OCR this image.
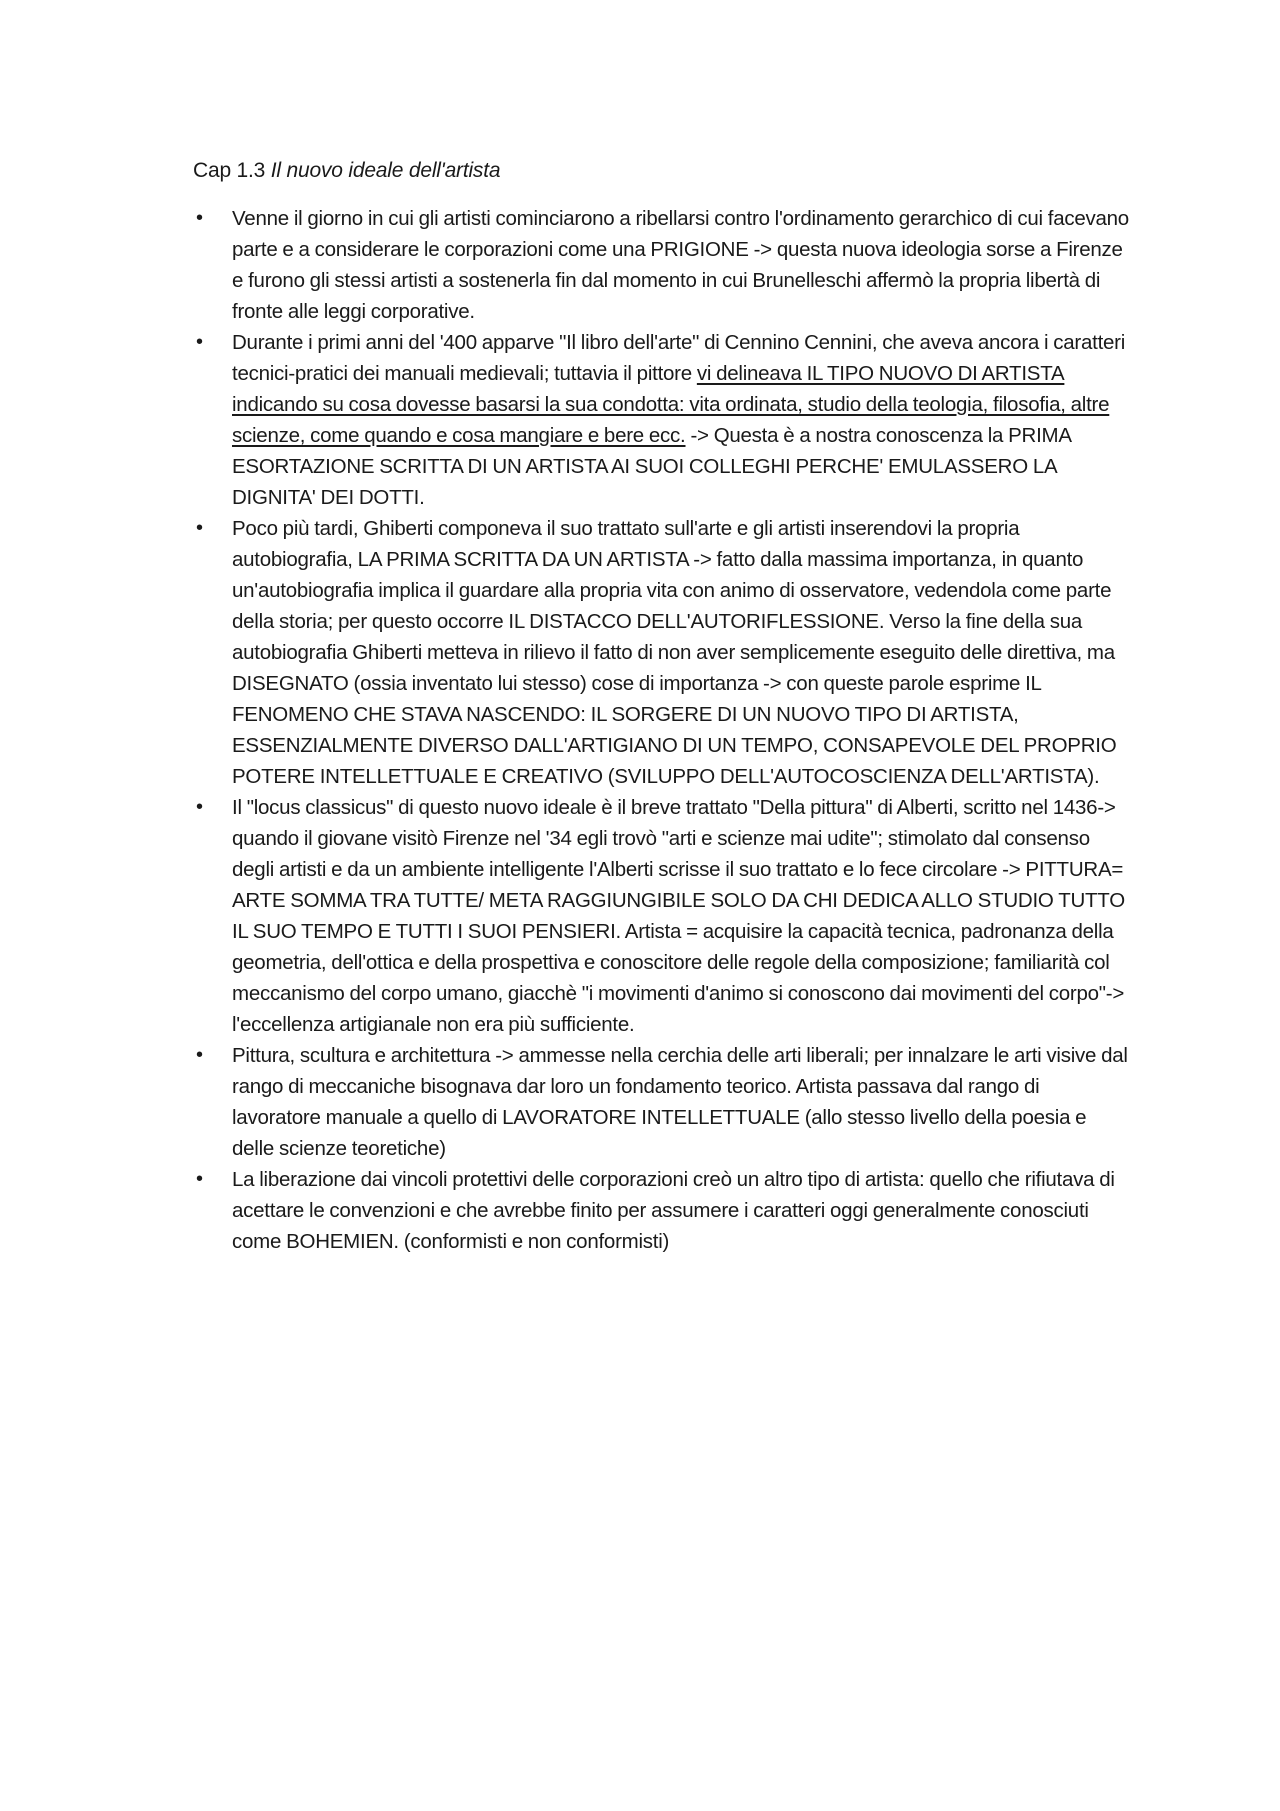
Cap 1.3 Il nuovo ideale dell'artista
• Venne il giorno in cui gli artisti cominciarono a ribellarsi contro l'ordinamento gerarchico di cui facevano parte e a considerare le corporazioni come una PRIGIONE -> questa nuova ideologia sorse a Firenze e furono gli stessi artisti a sostenerla fin dal momento in cui Brunelleschi affermò la propria libertà di fronte alle leggi corporative.
• Durante i primi anni del '400 apparve "Il libro dell'arte" di Cennino Cennini, che aveva ancora i caratteri tecnici-pratici dei manuali medievali; tuttavia il pittore vi delineava IL TIPO NUOVO DI ARTISTA indicando su cosa dovesse basarsi la sua condotta: vita ordinata, studio della teologia, filosofia, altre scienze, come quando e cosa mangiare e bere ecc. -> Questa è a nostra conoscenza la PRIMA ESORTAZIONE SCRITTA DI UN ARTISTA AI SUOI COLLEGHI PERCHE' EMULASSERO LA DIGNITA' DEI DOTTI.
• Poco più tardi, Ghiberti componeva il suo trattato sull'arte e gli artisti inserendovi la propria autobiografia, LA PRIMA SCRITTA DA UN ARTISTA -> fatto dalla massima importanza, in quanto un'autobiografia implica il guardare alla propria vita con animo di osservatore, vedendola come parte della storia; per questo occorre IL DISTACCO DELL'AUTORIFLESSIONE. Verso la fine della sua autobiografia Ghiberti metteva in rilievo il fatto di non aver semplicemente eseguito delle direttiva, ma DISEGNATO (ossia inventato lui stesso) cose di importanza -> con queste parole esprime IL FENOMENO CHE STAVA NASCENDO: IL SORGERE DI UN NUOVO TIPO DI ARTISTA, ESSENZIALMENTE DIVERSO DALL'ARTIGIANO DI UN TEMPO, CONSAPEVOLE DEL PROPRIO POTERE INTELLETTUALE E CREATIVO (SVILUPPO DELL'AUTOCOSCIENZA DELL'ARTISTA).
• Il "locus classicus" di questo nuovo ideale è il breve trattato "Della pittura" di Alberti, scritto nel 1436-> quando il giovane visitò Firenze nel '34 egli trovò "arti e scienze mai udite"; stimolato dal consenso degli artisti e da un ambiente intelligente l'Alberti scrisse il suo trattato e lo fece circolare -> PITTURA= ARTE SOMMA TRA TUTTE/ META RAGGIUNGIBILE SOLO DA CHI DEDICA ALLO STUDIO TUTTO IL SUO TEMPO E TUTTI I SUOI PENSIERI. Artista = acquisire la capacità tecnica, padronanza della geometria, dell'ottica e della prospettiva e conoscitore delle regole della composizione; familiarità col meccanismo del corpo umano, giacchè "i movimenti d'animo si conoscono dai movimenti del corpo"-> l'eccellenza artigianale non era più sufficiente.
• Pittura, scultura e architettura -> ammesse nella cerchia delle arti liberali; per innalzare le arti visive dal rango di meccaniche bisognava dar loro un fondamento teorico. Artista passava dal rango di lavoratore manuale a quello di LAVORATORE INTELLETTUALE (allo stesso livello della poesia e delle scienze teoretiche)
• La liberazione dai vincoli protettivi delle corporazioni creò un altro tipo di artista: quello che rifiutava di acettare le convenzioni e che avrebbe finito per assumere i caratteri oggi generalmente conosciuti come BOHEMIEN. (conformisti e non conformisti)
